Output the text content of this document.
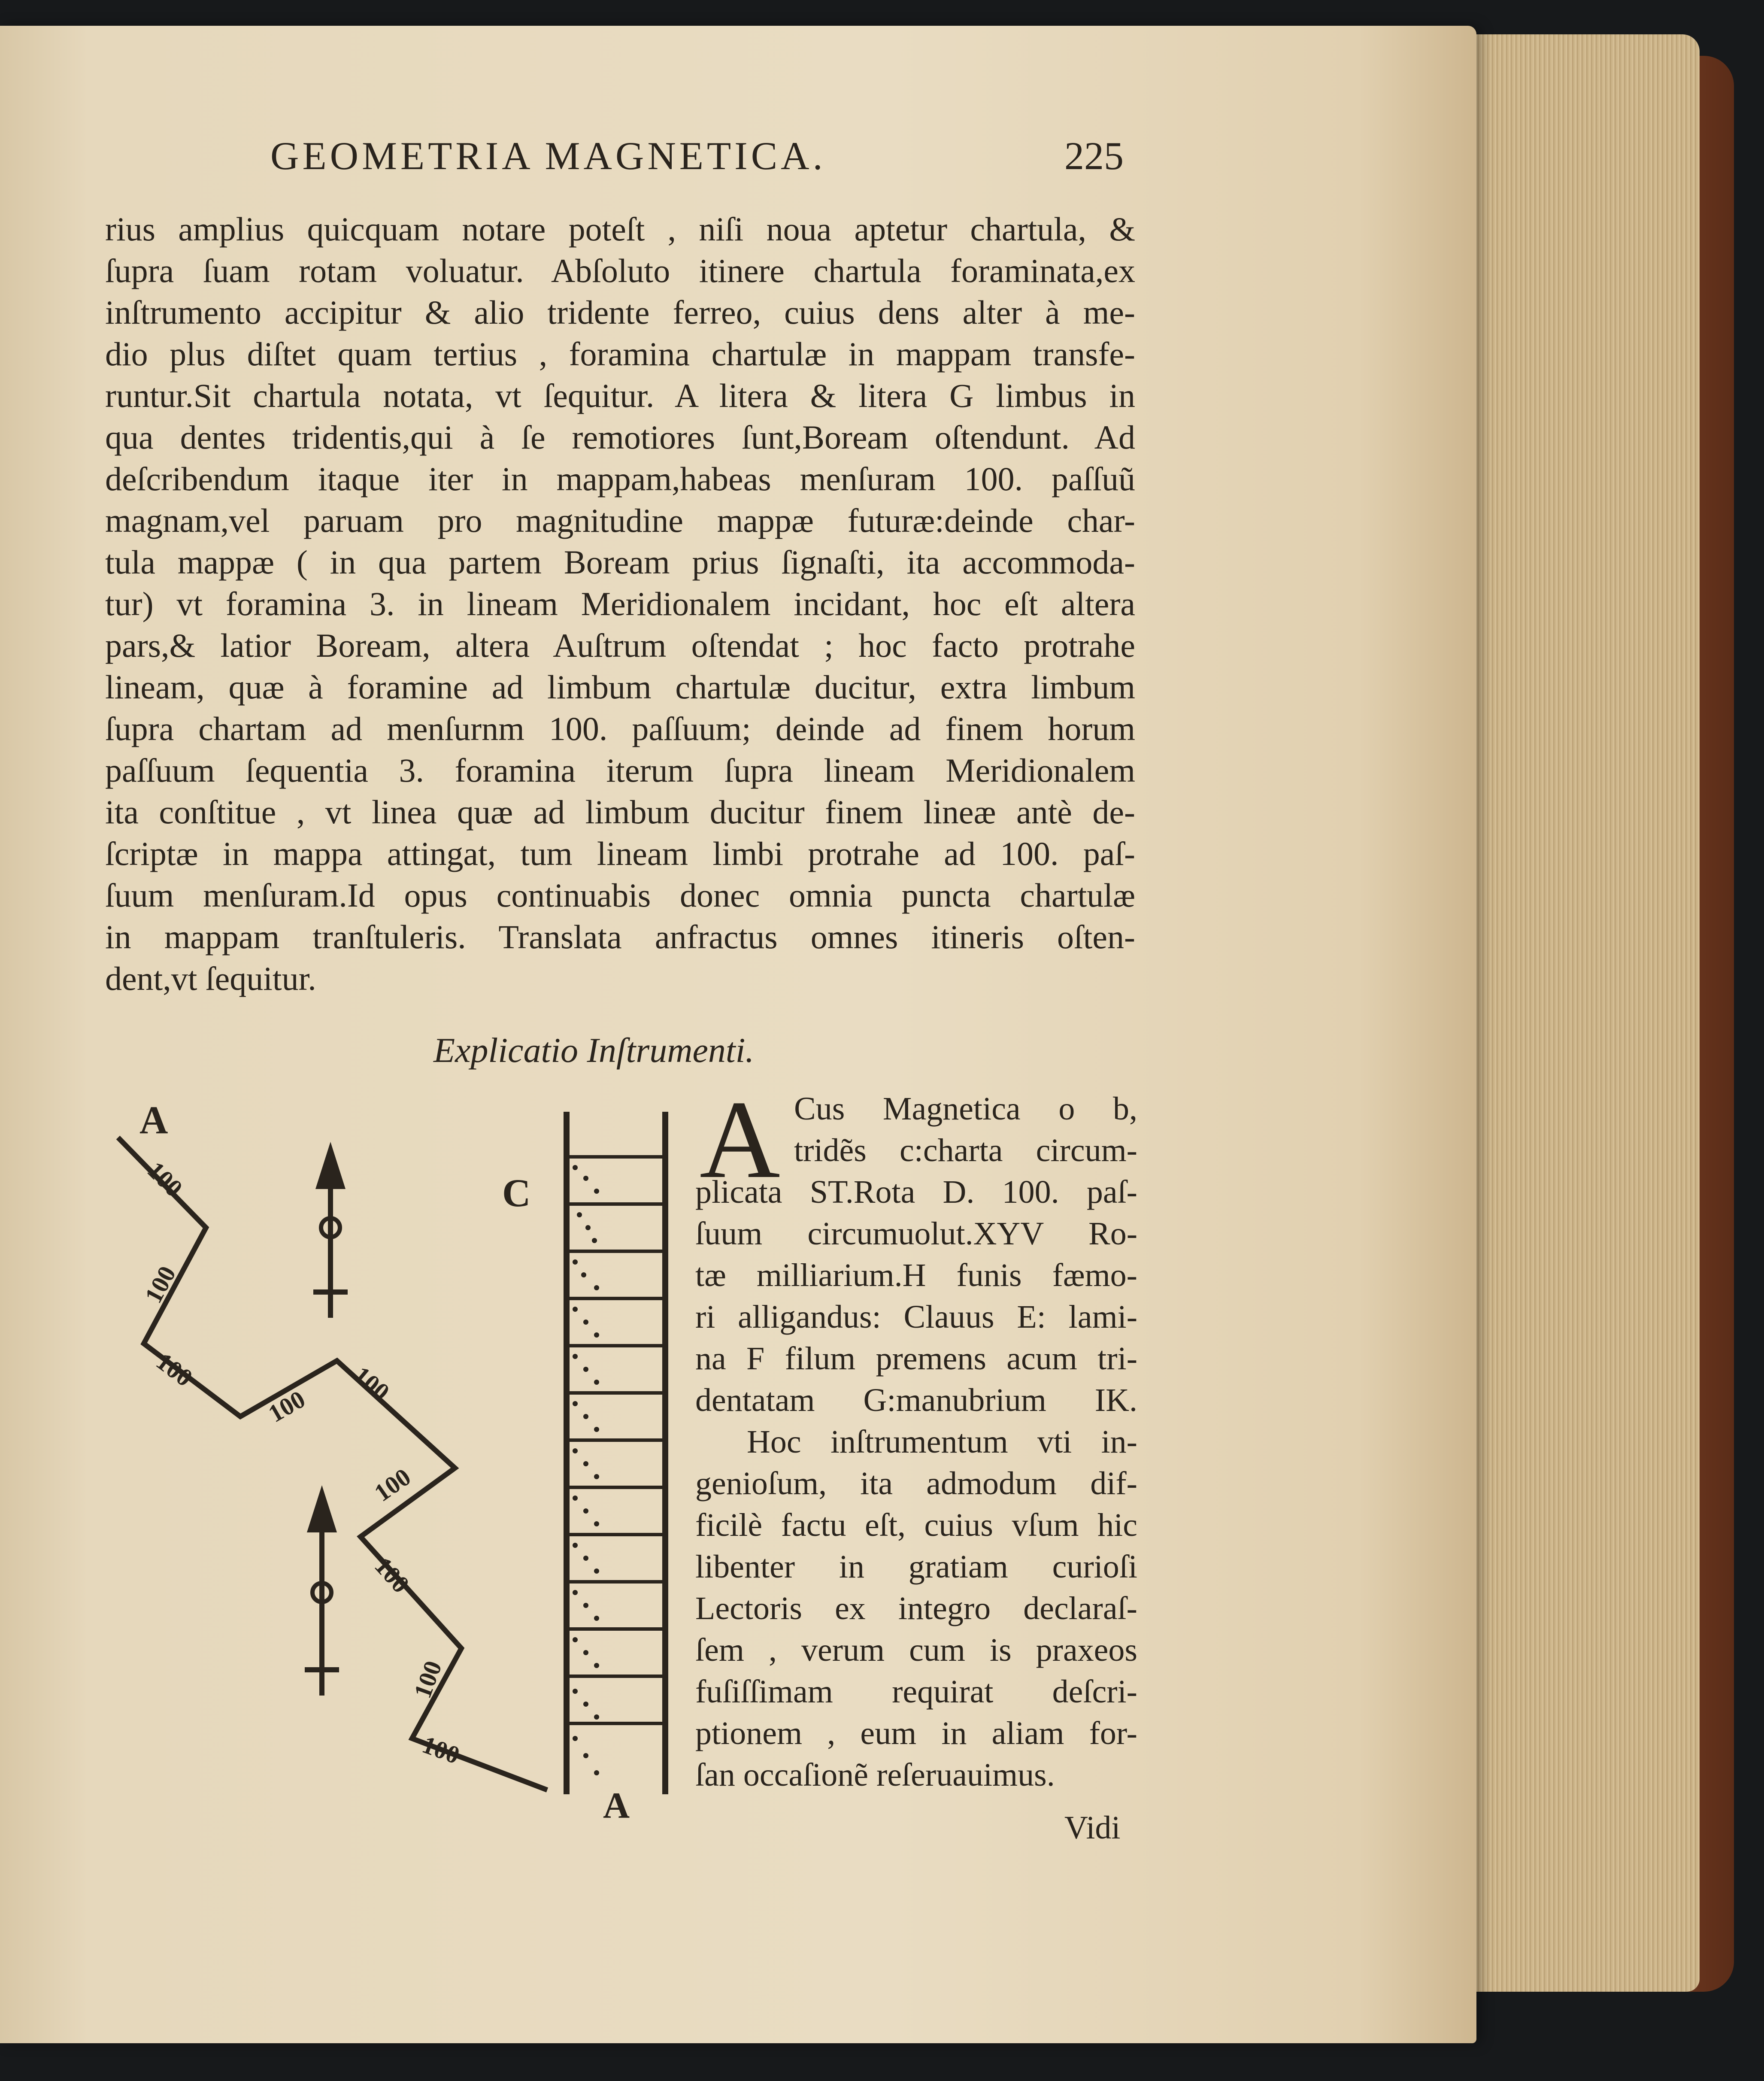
GEOMETRIA MAGNETICA.	225
rius amplius quicquam notare poteſt , niſi noua aptetur chartula, &
ſupra ſuam rotam voluatur. Abſoluto itinere chartula foraminata,ex
inſtrumento accipitur & alio tridente ferreo, cuius dens alter à me-
dio plus diſtet quam tertius , foramina chartulæ in mappam transfe-
runtur.Sit chartula notata, vt ſequitur. A litera & litera G limbus in
qua dentes tridentis,qui à ſe remotiores ſunt,Boream oſtendunt. Ad
deſcribendum itaque iter in mappam,habeas menſuram 100. paſſuũ
magnam,vel paruam pro magnitudine mappæ futuræ:deinde char-
tula mappæ ( in qua partem Boream prius ſignaſti, ita accommoda-
tur) vt foramina 3. in lineam Meridionalem incidant, hoc eſt altera
pars,& latior Boream, altera Auſtrum oſtendat ; hoc facto protrahe
lineam, quæ à foramine ad limbum chartulæ ducitur, extra limbum
ſupra chartam ad menſurnm 100. paſſuum; deinde ad finem horum
paſſuum ſequentia 3. foramina iterum ſupra lineam Meridionalem
ita conſtitue , vt linea quæ ad limbum ducitur finem lineæ antè de-
ſcriptæ in mappa attingat, tum lineam limbi protrahe ad 100. paſ-
ſuum menſuram.Id opus continuabis donec omnia puncta chartulæ
in mappam tranſtuleris. Translata anfractus omnes itineris oſten-
dent,vt ſequitur.
Explicatio Inſtrumenti.
A
100
100
100
100
100
100
100
100
100
C
A
A Cus Magnetica o b,
tridẽs c:charta circum-
plicata ST.Rota D. 100. paſ-
ſuum circumuolut.XYV Ro-
tæ milliarium.H funis fæmo-
ri alligandus: Clauus E: lami-
na F filum premens acum tri-
dentatam G:manubrium IK.
Hoc inſtrumentum vti in-
genioſum, ita admodum dif-
ficilè factu eſt, cuius vſum hic
libenter in gratiam curioſi
Lectoris ex integro declaraſ-
ſem , verum cum is praxeos
fuſiſſimam requirat deſcri-
ptionem , eum in aliam for-
ſan occaſionẽ reſeruauimus.
Vidi
